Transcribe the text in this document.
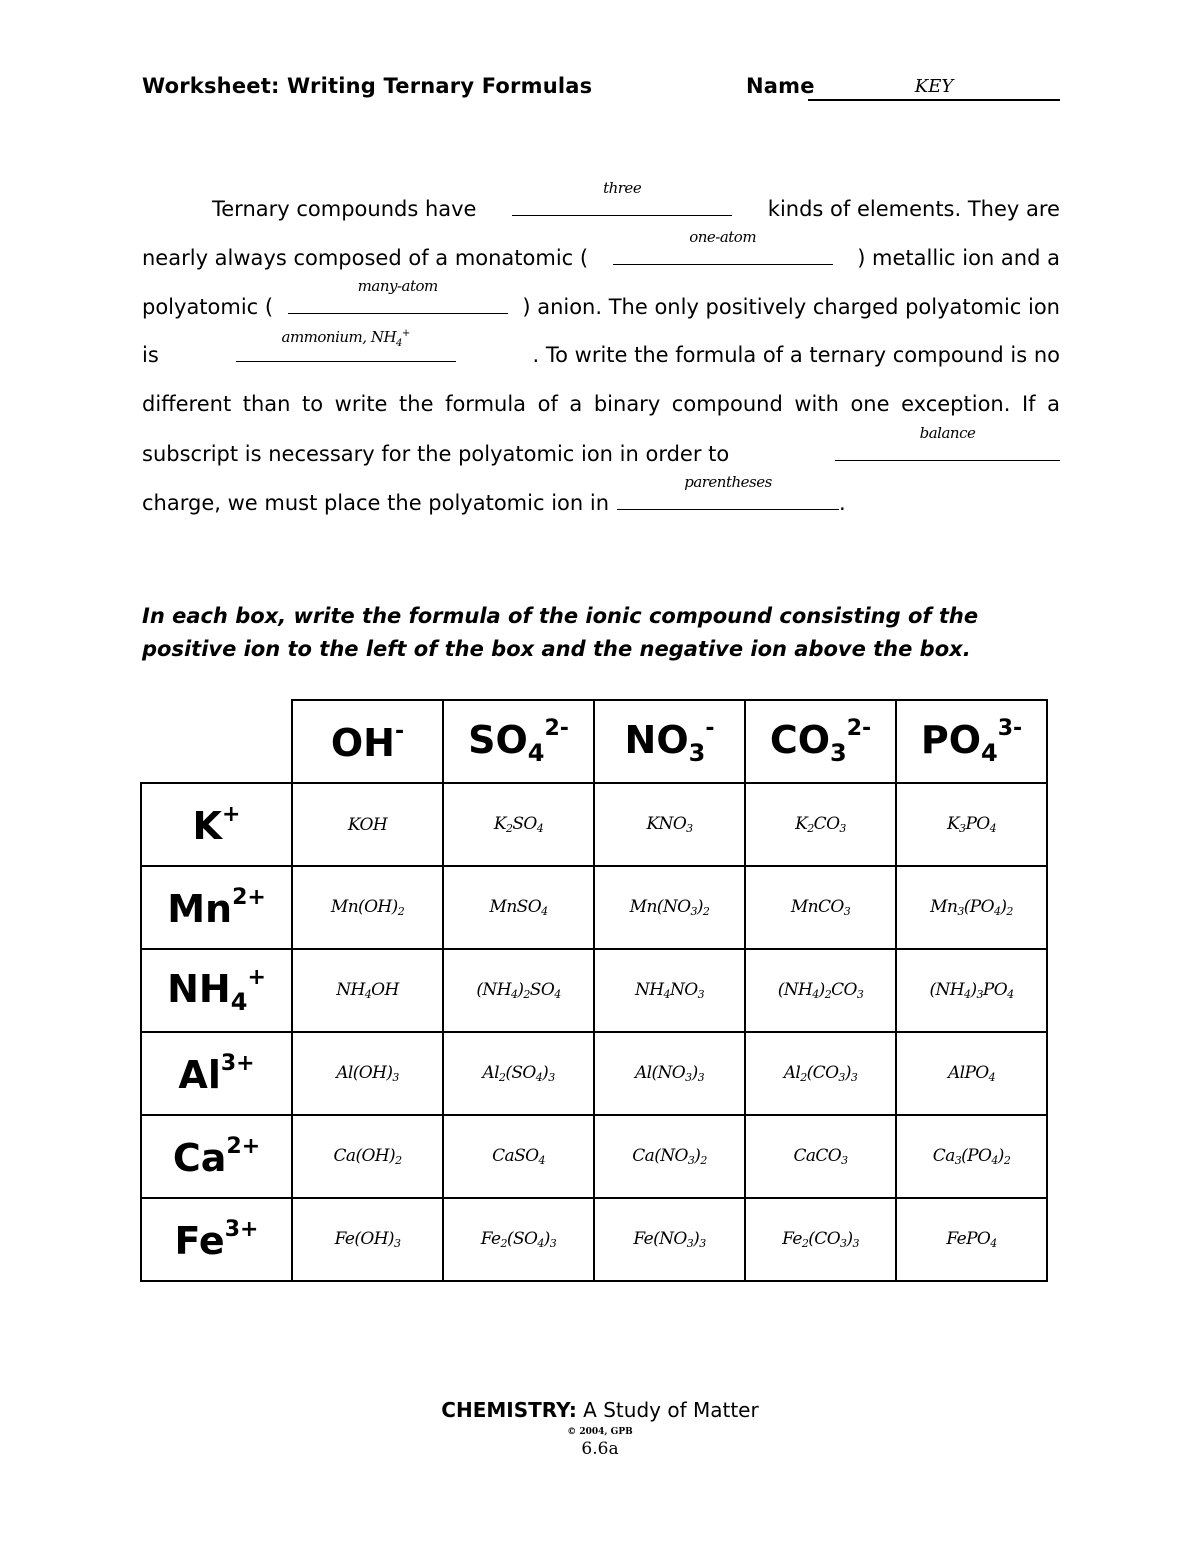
Worksheet: Writing Ternary Formulas	Name	KEY
Ternary compounds have
three
kinds of elements. They are
nearly always composed of a monatomic (
one-atom
) metallic ion and a
polyatomic (
many-atom
) anion. The only positively charged polyatomic ion
is
ammonium, $NH_4^+$
. To write the formula of a ternary compound is no
different than to write the formula of a binary compound with one exception. If a
subscript is necessary for the polyatomic ion in order to
balance
charge, we must place the polyatomic ion in
parentheses
.
In each box, write the formula of the ionic compound consisting of the positive ion to the left of the box and the negative ion above the box.

	OH-	$SO_4^{2-}$	$NO_3^-$	$CO_3^{2-}$	$PO_4^{3-}$

K+	KOH	$K_2SO_4$	$KNO_3$	$K_2CO_3$	$K_3PO_4$

$Mn^{2+}$	$Mn(OH)_2$	MnSO$_4$	$Mn(NO_3)_2$	MnCO$_3$	$Mn_3(PO_4)_2$

$NH_4^+$	$NH_4OH$	$(NH_4)_2SO_4$	$NH_4NO_3$	$(NH_4)_2CO_3$	$(NH_4)_3PO_4$

$Al^{3+}$	$Al(OH)_3$	$Al_2(SO_4)_3$	$Al(NO_3)_3$	$Al_2(CO_3)_3$	AlPO$_4$

$Ca^{2+}$	$Ca(OH)_2$	CaSO$_4$	$Ca(NO_3)_2$	CaCO$_3$	$Ca_3(PO_4)_2$

$Fe^{3+}$	$Fe(OH)_3$	$Fe_2(SO_4)_3$	$Fe(NO_3)_3$	$Fe_2(CO_3)_3$	FePO$_4$
CHEMISTRY: A Study of Matter
© 2004, GPB
6.6a
